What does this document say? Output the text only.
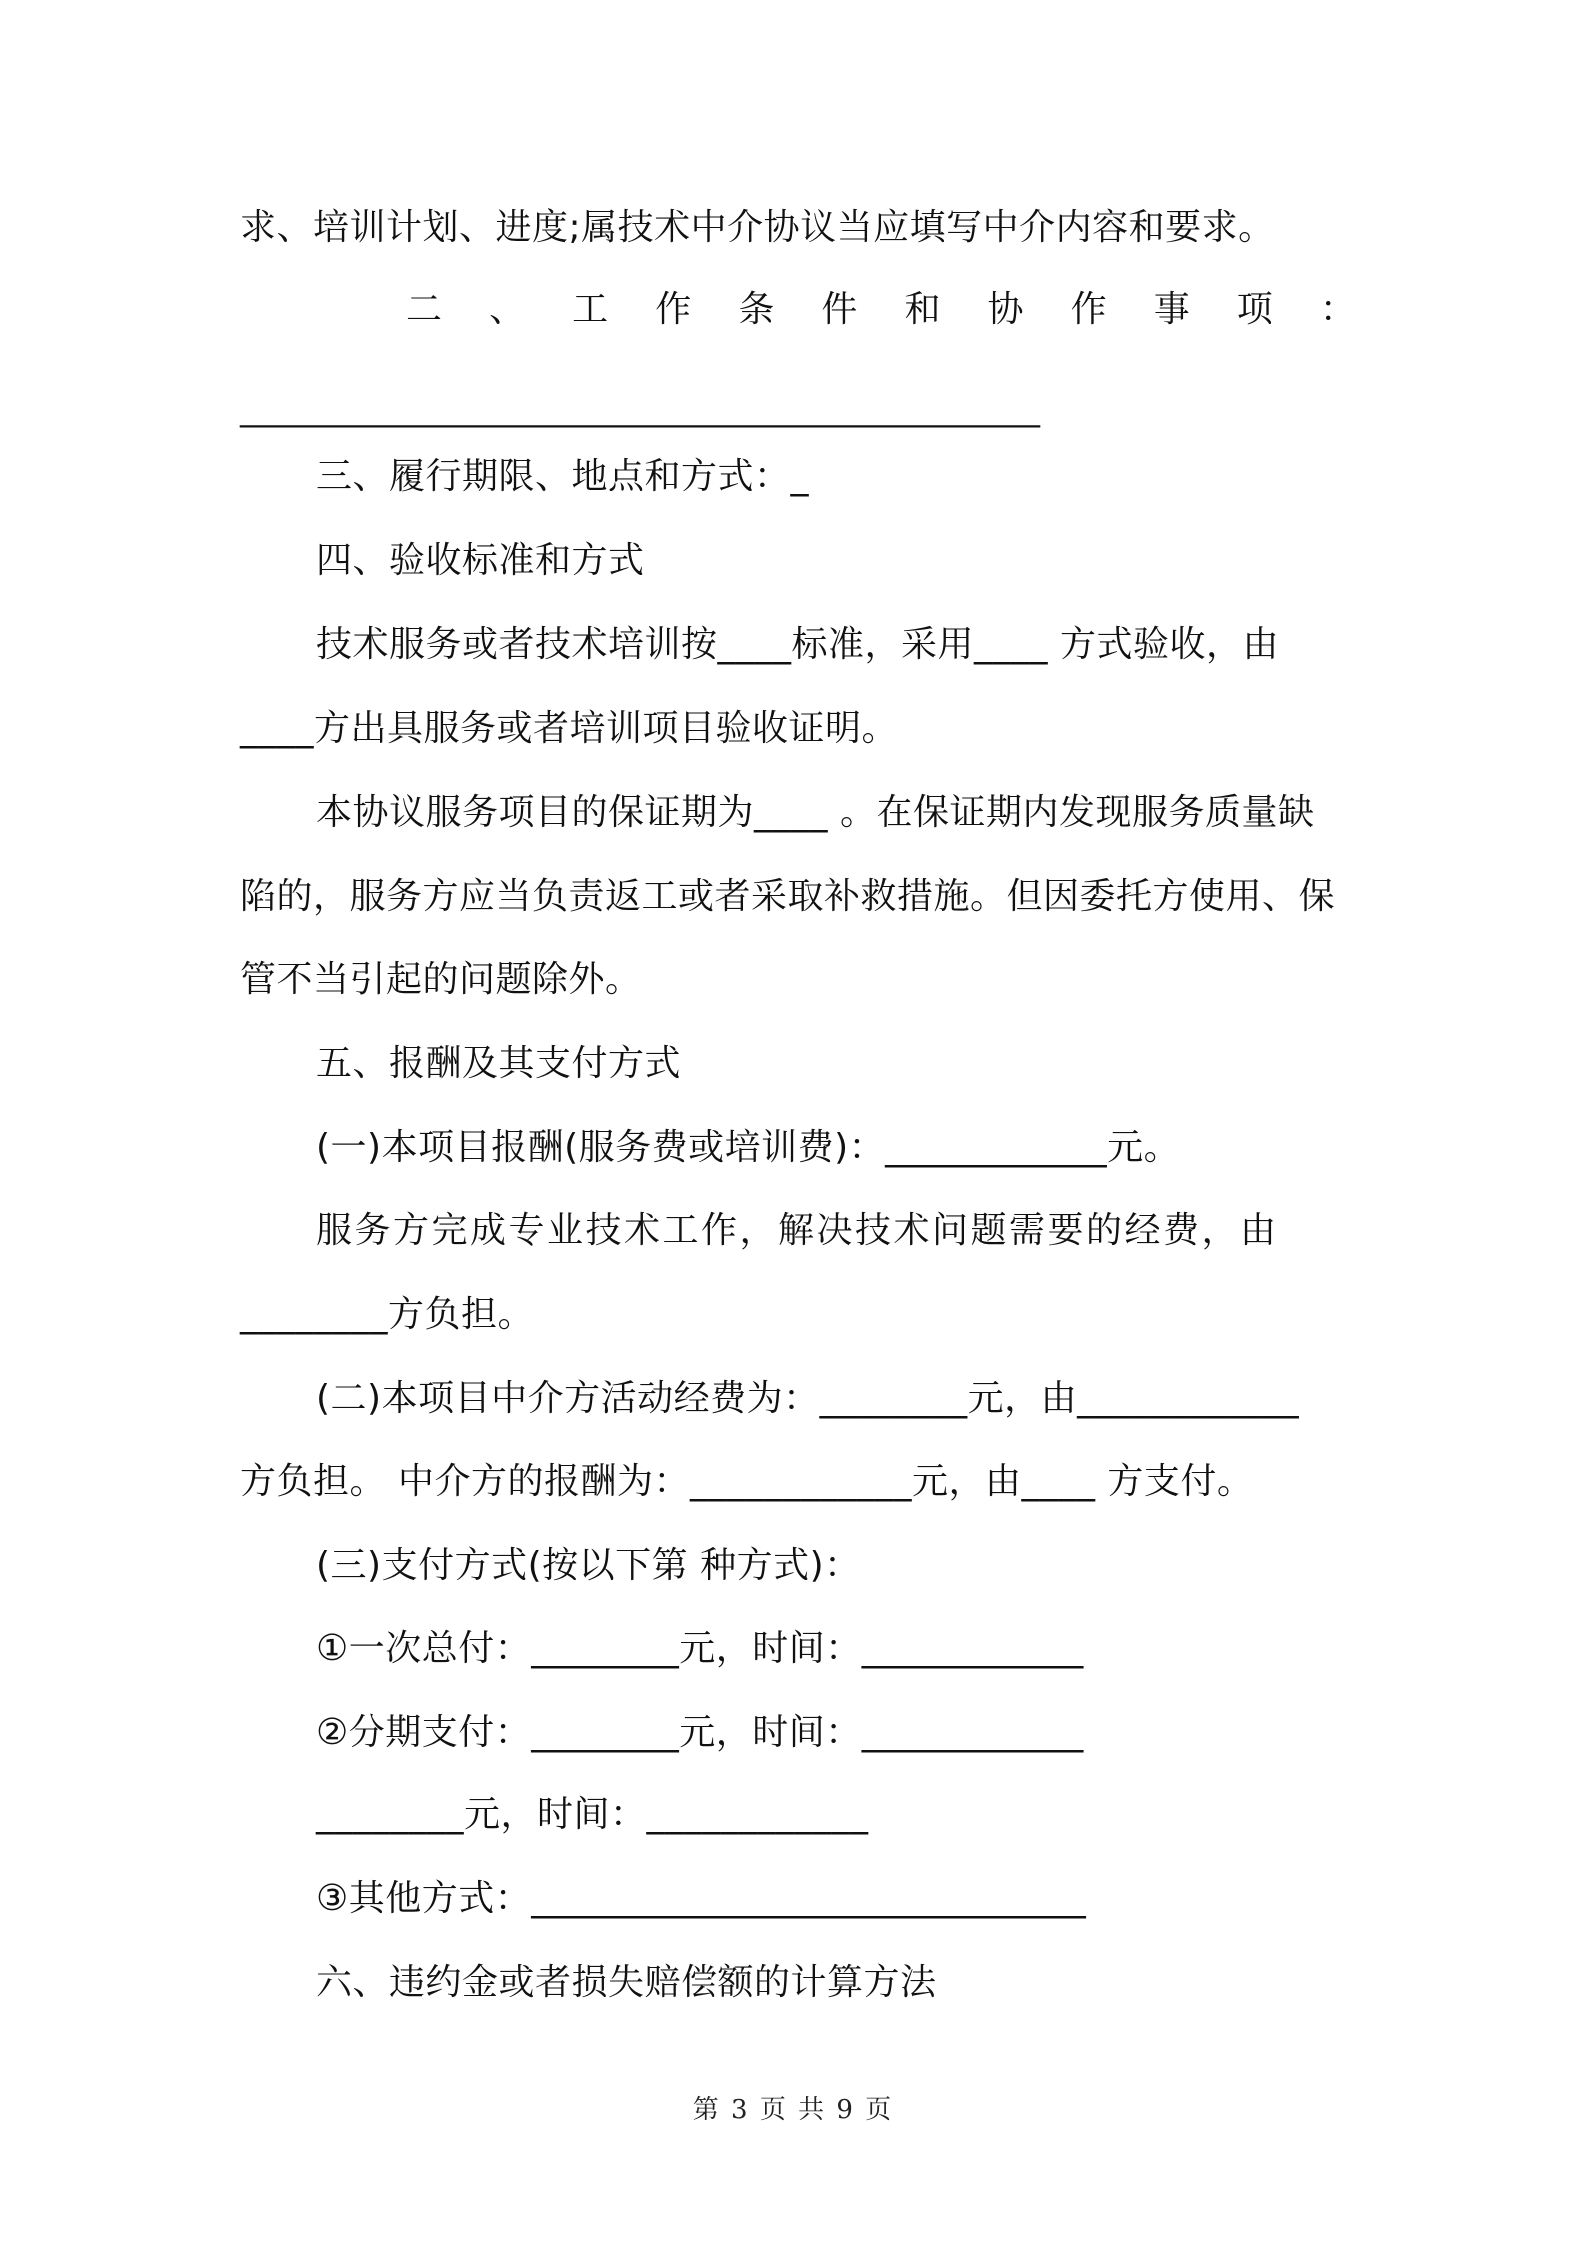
求、培训计划、进度;属技术中介协议当应填写中介内容和要求。
二 、 工 作 条 件 和 协 作 事 项 ：
__________________________________________________
三、履行期限、地点和方式：_
四、验收标准和方式
技术服务或者技术培训按____标准，采用____ 方式验收，由
____方出具服务或者培训项目验收证明。
本协议服务项目的保证期为____ 。在保证期内发现服务质量缺
陷的，服务方应当负责返工或者采取补救措施。但因委托方使用、保
管不当引起的问题除外。
五、报酬及其支付方式
(一)本项目报酬(服务费或培训费)：____________元。
服务方完成专业技术工作，解决技术问题需要的经费，由
________方负担。
(二)本项目中介方活动经费为：________元，由____________
方负担。 中介方的报酬为：____________元，由____ 方支付。
(三)支付方式(按以下第 种方式)：
①一次总付：________元，时间：____________
②分期支付：________元，时间：____________
________元，时间：____________
③其他方式：______________________________
六、违约金或者损失赔偿额的计算方法
第 3 页 共 9 页
